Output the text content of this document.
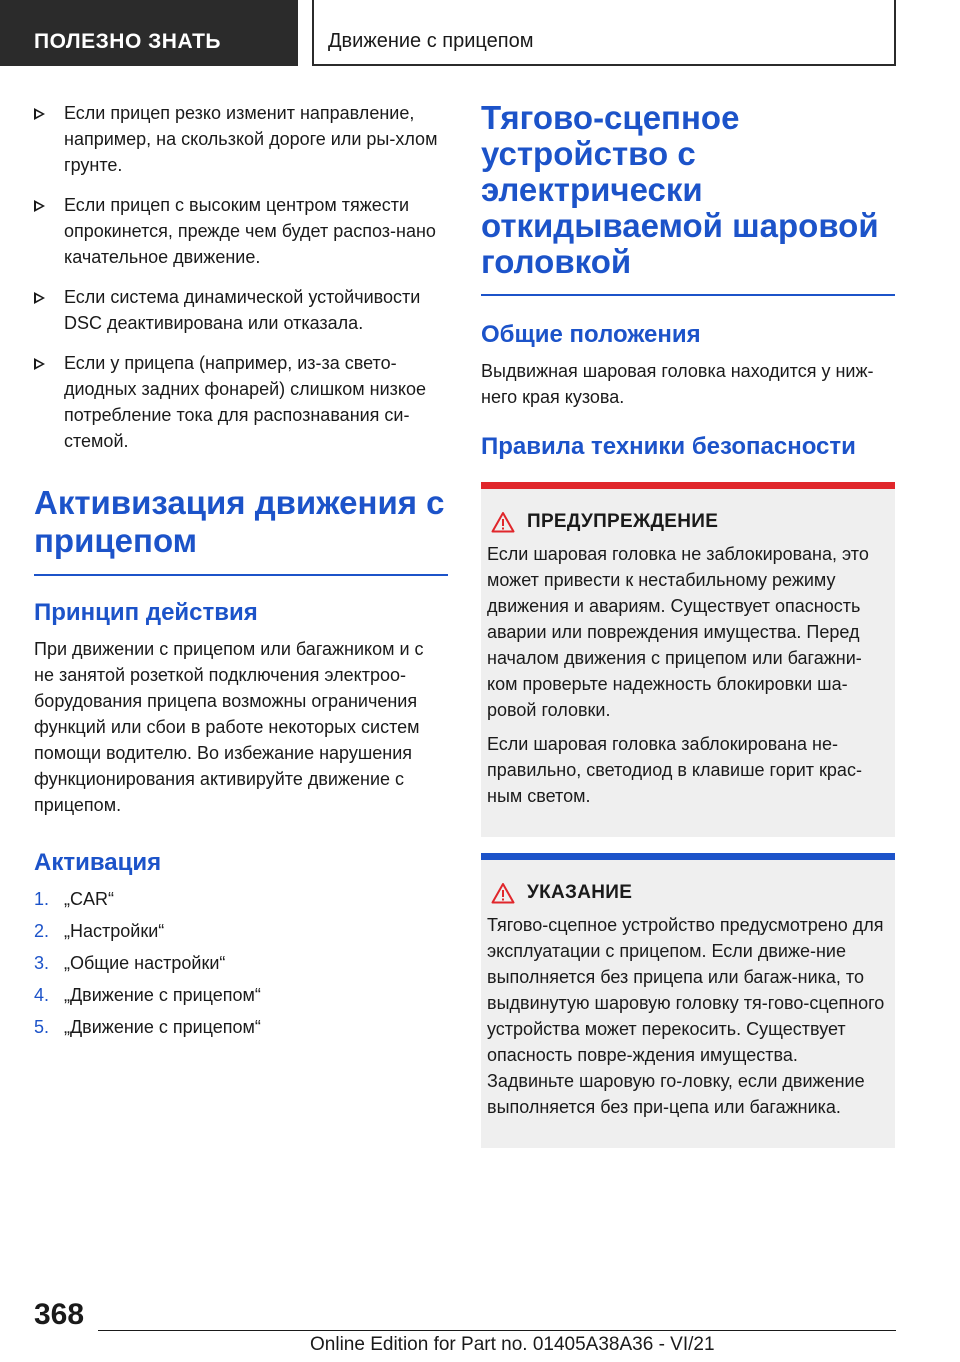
ПОЛЕЗНО ЗНАТЬ	Движение с прицепом
Если прицеп резко изменит направление, например, на скользкой дороге или ры-хлом грунте.
Если прицеп с высоким центром тяжести опрокинется, прежде чем будет распоз-нано качательное движение.
Если система динамической устойчивости DSC деактивирована или отказала.
Если у прицепа (например, из-за свето-диодных задних фонарей) слишком низкое потребление тока для распознавания си-стемой.
Активизация движения с прицепом
Принцип действия
При движении с прицепом или багажником и с не занятой розеткой подключения электроо-борудования прицепа возможны ограничения функций или сбои в работе некоторых систем помощи водителю. Во избежание нарушения функционирования активируйте движение с прицепом.
Активация
1. „CAR“
2. „Настройки“
3. „Общие настройки“
4. „Движение с прицепом“
5. „Движение с прицепом“
Тягово-сцепное устройство с электрически откидываемой шаровой головкой
Общие положения
Выдвижная шаровая головка находится у ниж-него края кузова.
Правила техники безопасности
ПРЕДУПРЕЖДЕНИЕ

Если шаровая головка не заблокирована, это может привести к нестабильному режиму движения и авариям. Существует опасность аварии или повреждения имущества. Перед началом движения с прицепом или багажни-ком проверьте надежность блокировки ша-ровой головки.

Если шаровая головка заблокирована не-правильно, светодиод в клавише горит крас-ным светом.

УКАЗАНИЕ

Тягово-сцепное устройство предусмотрено для эксплуатации с прицепом. Если движе-ние выполняется без прицепа или багаж-ника, то выдвинутую шаровую головку тя-гово-сцепного устройства может перекосить. Существует опасность повре-ждения имущества. Задвиньте шаровую го-ловку, если движение выполняется без при-цепа или багажника.

368
Online Edition for Part no. 01405A38A36 - VI/21
